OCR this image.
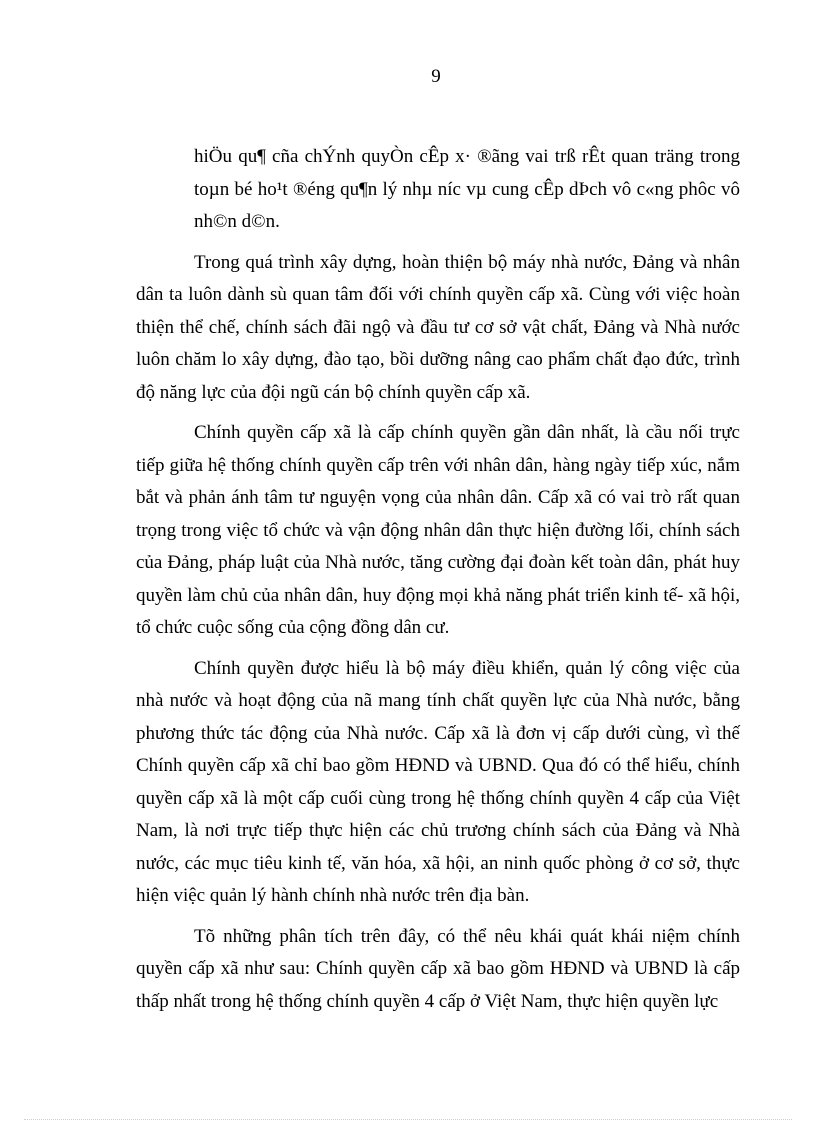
9

hiÖu qu¶ cña chÝnh quyÒn cÊp x· ®ãng vai trß rÊt quan träng trong toµn bé ho¹t ®éng qu¶n lý nhµ níc vµ cung cÊp dÞch vô c«ng phôc vô nh©n d©n.

Trong quá trình xây dựng, hoàn thiện bộ máy nhà nước, Đảng và nhân dân ta luôn dành sù quan tâm đối với chính quyền cấp xã. Cùng với việc hoàn thiện thể chế, chính sách đãi ngộ và đầu tư cơ sở vật chất, Đảng và Nhà nước luôn chăm lo xây dựng, đào tạo, bồi dưỡng nâng cao phẩm chất đạo đức, trình độ năng lực của đội ngũ cán bộ chính quyền cấp xã.

Chính quyền cấp xã là cấp chính quyền gần dân nhất, là cầu nối trực tiếp giữa hệ thống chính quyền cấp trên với nhân dân, hàng ngày tiếp xúc, nắm bắt và phản ánh tâm tư nguyện vọng của nhân dân. Cấp xã có vai trò rất quan trọng trong việc tổ chức và vận động nhân dân thực hiện đường lối, chính sách của Đảng, pháp luật của Nhà nước, tăng cường đại đoàn kết toàn dân, phát huy quyền làm chủ của nhân dân, huy động mọi khả năng phát triển kinh tế- xã hội, tổ chức cuộc sống của cộng đồng dân cư.

Chính quyền được hiểu là bộ máy điều khiển, quản lý công việc của nhà nước và hoạt động của nã mang tính chất quyền lực của Nhà nước, bằng phương thức tác động của Nhà nước. Cấp xã là đơn vị cấp dưới cùng, vì thế Chính quyền cấp xã chỉ bao gồm HĐND và UBND. Qua đó có thể hiểu, chính quyền cấp xã là một cấp cuối cùng trong hệ thống chính quyền 4 cấp của Việt Nam, là nơi trực tiếp thực hiện các chủ trương chính sách của Đảng và Nhà nước, các mục tiêu kinh tế, văn hóa, xã hội, an ninh quốc phòng ở cơ sở, thực hiện việc quản lý hành chính nhà nước trên địa bàn.

Tõ những phân tích trên đây, có thể nêu khái quát khái niệm chính quyền cấp xã như sau: Chính quyền cấp xã bao gồm HĐND và UBND là cấp thấp nhất trong hệ thống chính quyền 4 cấp ở Việt Nam, thực hiện quyền lực
